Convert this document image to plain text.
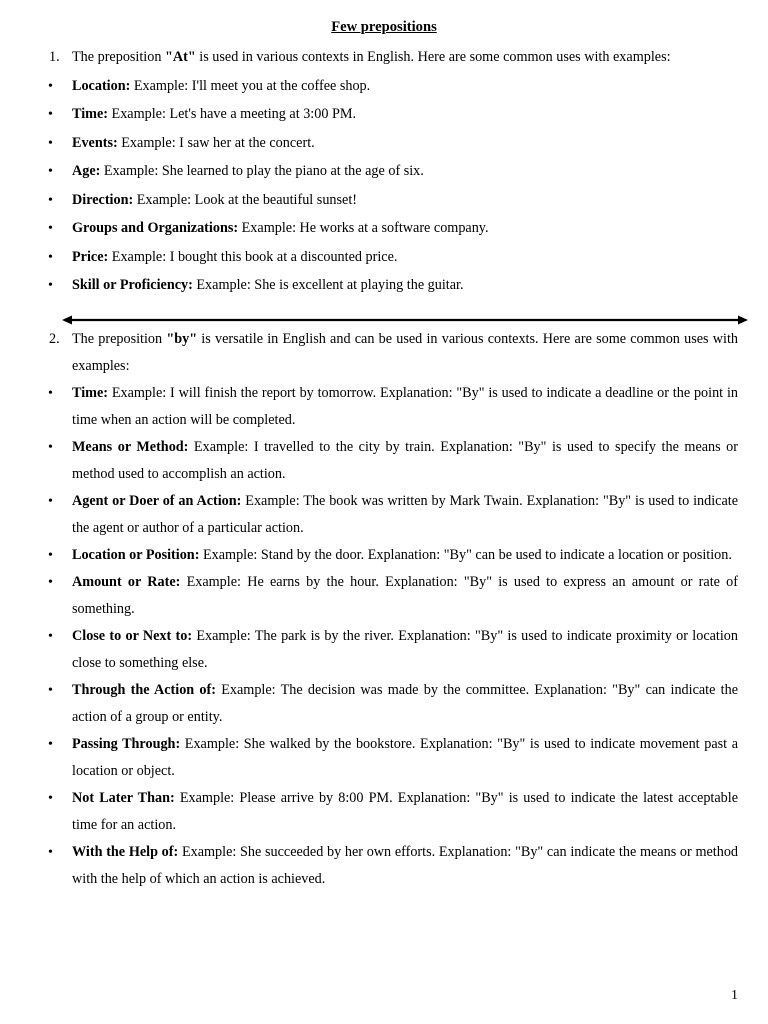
Few prepositions
1. The preposition "At" is used in various contexts in English. Here are some common uses with examples:
• Location: Example: I'll meet you at the coffee shop.
• Time: Example: Let's have a meeting at 3:00 PM.
• Events: Example: I saw her at the concert.
• Age: Example: She learned to play the piano at the age of six.
• Direction: Example: Look at the beautiful sunset!
• Groups and Organizations: Example: He works at a software company.
• Price: Example: I bought this book at a discounted price.
• Skill or Proficiency: Example: She is excellent at playing the guitar.
2. The preposition "by" is versatile in English and can be used in various contexts. Here are some common uses with examples:
• Time: Example: I will finish the report by tomorrow. Explanation: "By" is used to indicate a deadline or the point in time when an action will be completed.
• Means or Method: Example: I travelled to the city by train. Explanation: "By" is used to specify the means or method used to accomplish an action.
• Agent or Doer of an Action: Example: The book was written by Mark Twain. Explanation: "By" is used to indicate the agent or author of a particular action.
• Location or Position: Example: Stand by the door. Explanation: "By" can be used to indicate a location or position.
• Amount or Rate: Example: He earns by the hour. Explanation: "By" is used to express an amount or rate of something.
• Close to or Next to: Example: The park is by the river. Explanation: "By" is used to indicate proximity or location close to something else.
• Through the Action of: Example: The decision was made by the committee. Explanation: "By" can indicate the action of a group or entity.
• Passing Through: Example: She walked by the bookstore. Explanation: "By" is used to indicate movement past a location or object.
• Not Later Than: Example: Please arrive by 8:00 PM. Explanation: "By" is used to indicate the latest acceptable time for an action.
• With the Help of: Example: She succeeded by her own efforts. Explanation: "By" can indicate the means or method with the help of which an action is achieved.
1
